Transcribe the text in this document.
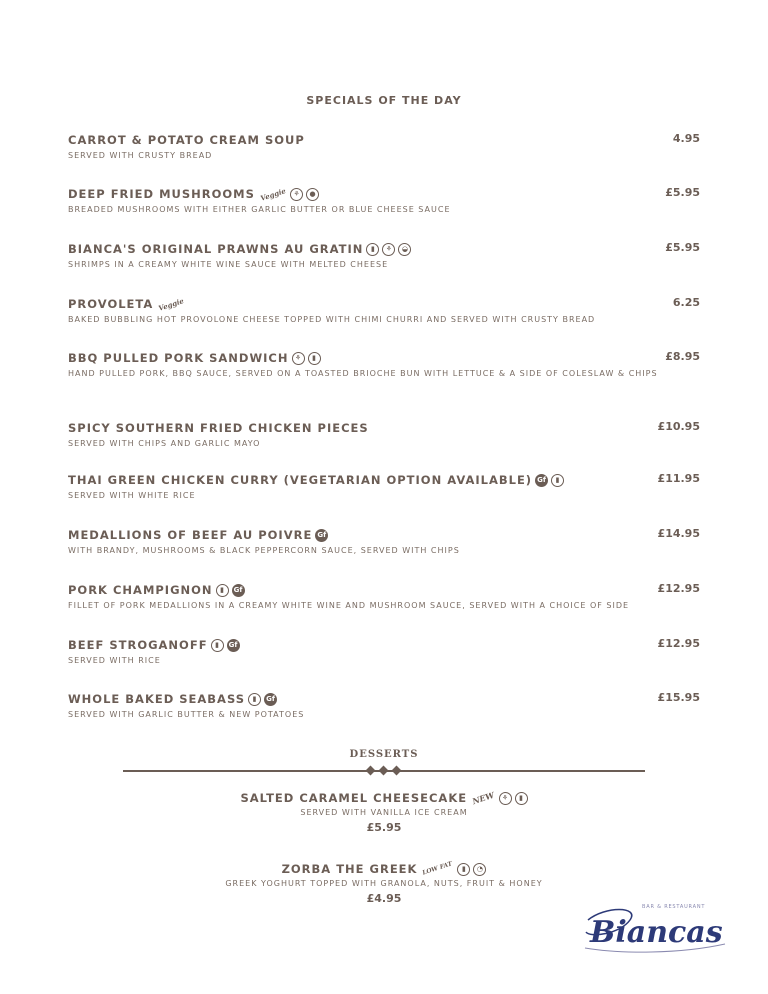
SPECIALS OF THE DAY
CARROT & POTATO CREAM SOUP	4.95
SERVED WITH CRUSTY BREAD
DEEP FRIED MUSHROOMS Veggie ⚘	●	£5.95
BREADED MUSHROOMS WITH EITHER GARLIC BUTTER OR BLUE CHEESE SAUCE
BIANCA'S ORIGINAL PRAWNS AU GRATIN	▮	⚘	◒	£5.95
SHRIMPS IN A CREAMY WHITE WINE SAUCE WITH MELTED CHEESE
PROVOLETA Veggie	6.25
BAKED BUBBLING HOT PROVOLONE CHEESE TOPPED WITH CHIMI CHURRI AND SERVED WITH CRUSTY BREAD
BBQ PULLED PORK SANDWICH ⚘	▮	£8.95
HAND PULLED PORK, BBQ SAUCE, SERVED ON A TOASTED BRIOCHE BUN WITH LETTUCE & A SIDE OF COLESLAW & CHIPS
SPICY SOUTHERN FRIED CHICKEN PIECES	£10.95
SERVED WITH CHIPS AND GARLIC MAYO
THAI GREEN CHICKEN CURRY (VEGETARIAN OPTION AVAILABLE) Gf	▮	£11.95
SERVED WITH WHITE RICE
MEDALLIONS OF BEEF AU POIVRE Gf	£14.95
WITH BRANDY, MUSHROOMS & BLACK PEPPERCORN SAUCE, SERVED WITH CHIPS
PORK CHAMPIGNON	▮	Gf	£12.95
FILLET OF PORK MEDALLIONS IN A CREAMY WHITE WINE AND MUSHROOM SAUCE, SERVED WITH A CHOICE OF SIDE
BEEF STROGANOFF	▮	Gf	£12.95
SERVED WITH RICE
WHOLE BAKED SEABASS	▮	Gf	£15.95
SERVED WITH GARLIC BUTTER & NEW POTATOES
DESSERTS
SALTED CARAMEL CHEESECAKE NEW ⚘	▮
SERVED WITH VANILLA ICE CREAM
£5.95
ZORBA THE GREEK LOW FAT	▮	◔
GREEK YOGHURT TOPPED WITH GRANOLA, NUTS, FRUIT & HONEY
£4.95
BAR & RESTAURANT
Biancas
